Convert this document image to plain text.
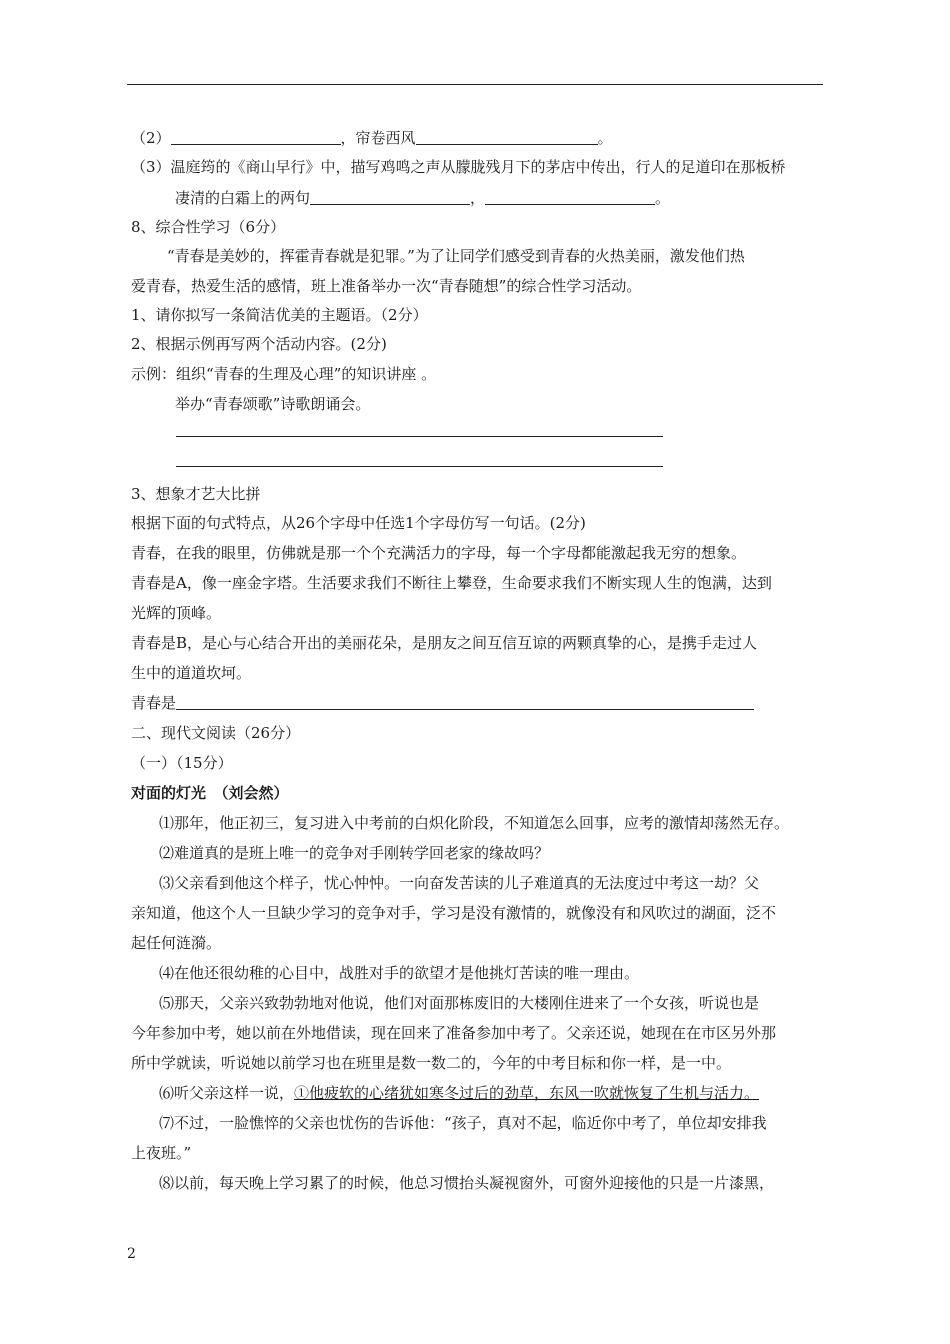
（2）	，帘卷西风	。
（3）温庭筠的《商山早行》中，描写鸡鸣之声从朦胧残月下的茅店中传出，行人的足道印在那板桥
凄清的白霜上的两句	，	。
8、综合性学习（6分）
“青春是美妙的，挥霍青春就是犯罪。”为了让同学们感受到青春的火热美丽，激发他们热
爱青春，热爱生活的感情，班上准备举办一次“青春随想”的综合性学习活动。
1、请你拟写一条简洁优美的主题语。（2分）
2、根据示例再写两个活动内容。(2分)
示例：组织“青春的生理及心理”的知识讲座 。
举办“青春颂歌”诗歌朗诵会。
3、想象才艺大比拼
根据下面的句式特点，从26个字母中任选1个字母仿写一句话。(2分)
青春，在我的眼里，仿佛就是那一个个充满活力的字母，每一个字母都能激起我无穷的想象。
青春是A，像一座金字塔。生活要求我们不断往上攀登，生命要求我们不断实现人生的饱满，达到
光辉的顶峰。
青春是B，是心与心结合开出的美丽花朵，是朋友之间互信互谅的两颗真挚的心，是携手走过人
生中的道道坎坷。
青春是
二、现代文阅读（26分）
（一）（15分）
对面的灯光　（刘会然）
⑴那年，他正初三，复习进入中考前的白炽化阶段，不知道怎么回事，应考的激情却荡然无存。
⑵难道真的是班上唯一的竞争对手刚转学回老家的缘故吗？
⑶父亲看到他这个样子，忧心忡忡。一向奋发苦读的儿子难道真的无法度过中考这一劫？父
亲知道，他这个人一旦缺少学习的竞争对手，学习是没有激情的，就像没有和风吹过的湖面，泛不
起任何涟漪。
⑷在他还很幼稚的心目中，战胜对手的欲望才是他挑灯苦读的唯一理由。
⑸那天，父亲兴致勃勃地对他说，他们对面那栋废旧的大楼刚住进来了一个女孩，听说也是
今年参加中考，她以前在外地借读，现在回来了准备参加中考了。父亲还说，她现在在市区另外那
所中学就读，听说她以前学习也在班里是数一数二的，今年的中考目标和你一样，是一中。
⑹听父亲这样一说，①他疲软的心绪犹如寒冬过后的劲草，东风一吹就恢复了生机与活力。
⑺不过，一脸憔悴的父亲也忧伤的告诉他：“孩子，真对不起，临近你中考了，单位却安排我
上夜班。”
⑻以前，每天晚上学习累了的时候，他总习惯抬头凝视窗外，可窗外迎接他的只是一片漆黑，
2
